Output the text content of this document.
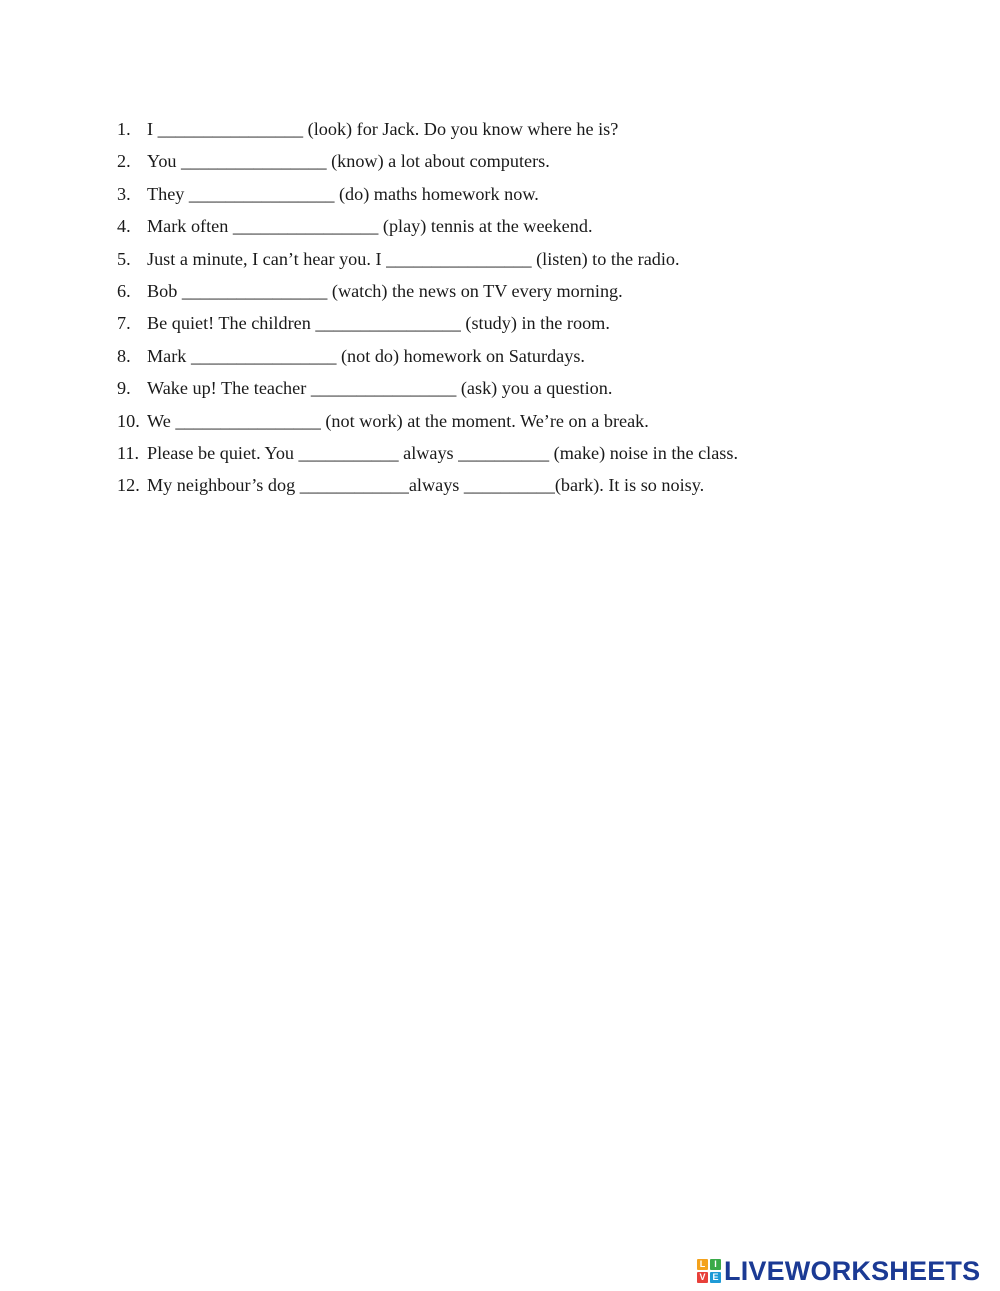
1. I ________________ (look) for Jack. Do you know where he is?
2. You ________________ (know) a lot about computers.
3. They ________________ (do) maths homework now.
4. Mark often ________________ (play) tennis at the weekend.
5. Just a minute, I can’t hear you. I ________________ (listen) to the radio.
6. Bob ________________ (watch) the news on TV every morning.
7. Be quiet! The children ________________ (study) in the room.
8. Mark ________________ (not do) homework on Saturdays.
9. Wake up! The teacher ________________ (ask) you a question.
10. We ________________ (not work) at the moment. We’re on a break.
11. Please be quiet. You ___________ always __________ (make) noise in the class.
12. My neighbour’s dog ____________always __________(bark). It is so noisy.
L I
V E LIVEWORKSHEETS
